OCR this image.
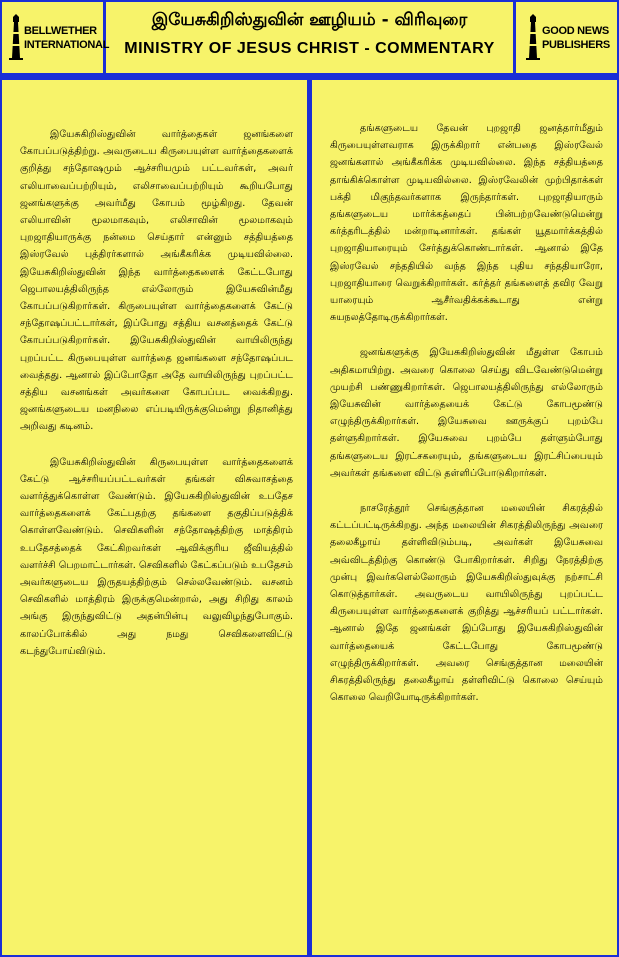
BELLWETHER INTERNATIONAL
இயேசுகிறிஸ்துவின் ஊழியம் - விரிவுரை
MINISTRY OF JESUS CHRIST - COMMENTARY
GOOD NEWS PUBLISHERS

இயேசுகிறிஸ்துவின் வார்த்தைகள் ஜனங்களை கோபப்படுத்திற்று. அவருடைய கிருபையுள்ள வார்த்தைகளைக் குறித்து சந்தோஷமும் ஆச்சரியமும் பட்டவர்கள், அவர் எலியாவைப்பற்றியும், எலிசாவைப்பற்றியும் கூறியபோது ஜனங்களுக்கு அவர்மீது கோபம் மூழ்கிறது. தேவன் எலியாவின் மூலமாகவும், எலிசாவின் மூலமாகவும் புறஜாதியாருக்கு நன்மை செய்தார் என்னும் சத்தியத்தை இஸ்ரவேல் புத்திரர்களால் அங்கீகரிக்க முடியவில்லை. இயேசுகிறிஸ்துவின் இந்த வார்த்தைகளைக் கேட்டபோது ஜெபாலயத்திலிருந்த எல்லோரும் இயேசுவின்மீது கோபப்படுகிறார்கள். கிருபையுள்ள வார்த்தைகளைக் கேட்டு சந்தோஷப்பட்டார்கள், இப்போது சத்திய வசனத்தைக் கேட்டு கோபப்படுகிறார்கள். இயேசுகிறிஸ்துவின் வாயிலிருந்து புறப்பட்ட கிருபையுள்ள வார்த்தை ஜனங்களை சந்தோஷப்பட வைத்தது. ஆனால் இப்போதோ அதே வாயிலிருந்து புறப்பட்ட சத்திய வசனங்கள் அவர்களை கோபப்பட வைக்கிறது. ஜனங்களுடைய மனநிலை எப்படியிருக்குமென்று நிதானித்து அறிவது கடினம்.

இயேசுகிறிஸ்துவின் கிருபையுள்ள வார்த்தைகளைக் கேட்டு ஆச்சரியப்பட்டவர்கள் தங்கள் விசுவாசத்தை வளர்த்துக்கொள்ள வேண்டும். இயேசுகிறிஸ்துவின் உபதேச வார்த்தைகளைக் கேட்பதற்கு தங்களை தகுதிப்படுத்திக் கொள்ளவேண்டும். செவிகளின் சந்தோஷத்திற்கு மாத்திரம் உபதேசத்தைக் கேட்கிறவர்கள் ஆவிக்குரிய ஜீவியத்தில் வளர்ச்சி பெறமாட்டார்கள். செவிகளில் கேட்கப்படும் உபதேசம் அவர்களுடைய இருதயத்திற்கும் செல்லவேண்டும். வசனம் செவிகளில் மாத்திரம் இருக்குமென்றால், அது சிறிது காலம் அங்கு இருந்துவிட்டு அதன்பின்பு வலுவிழந்துபோகும். காலப்போக்கில் அது நமது செவிகளைவிட்டு கடந்துபோய்விடும்.

தங்களுடைய தேவன் புறஜாதி ஜனத்தார்மீதும் கிருபையுள்ளவராக இருக்கிறார் என்பதை இஸ்ரவேல் ஜனங்களால் அங்கீகரிக்க முடியவில்லை. இந்த சத்தியத்தை தாங்கிக்கொள்ள முடியவில்லை. இஸ்ரவேலின் முற்பிதாக்கள் பக்தி மிகுந்தவர்களாக இருந்தார்கள். புறஜாதியாரும் தங்களுடைய மார்க்கத்தைப் பின்பற்றவேண்டுமென்று கர்த்தரிடத்தில் மன்றாடினார்கள். தங்கள் யூதமார்க்கத்தில் புறஜாதியாரையும் சேர்த்துக்கொண்டார்கள். ஆனால் இதே இஸ்ரவேல் சந்ததியில் வந்த இந்த புதிய சந்ததியாரோ, புறஜாதியாரை வெறுக்கிறார்கள். கர்த்தர் தங்களைத் தவிர வேறு யாரையும் ஆசீர்வதிக்கக்கூடாது என்று சுயநலத்தோடிருக்கிறார்கள்.

ஜனங்களுக்கு இயேசுகிறிஸ்துவின் மீதுள்ள கோபம் அதிகமாயிற்று. அவரை கொலை செய்து விடவேண்டுமென்று முயற்சி பண்ணுகிறார்கள். ஜெபாலயத்திலிருந்து எல்லோரும் இயேசுவின் வார்த்தையைக் கேட்டு கோபமூண்டு எழுந்திருக்கிறார்கள். இயேசுவை ஊருக்குப் புறம்பே தள்ளுகிறார்கள். இயேசுவை புறம்பே தள்ளும்போது தங்களுடைய இரட்சகரையும், தங்களுடைய இரட்சிப்பையும் அவர்கள் தங்களை விட்டு தள்ளிப்போடுகிறார்கள்.

நாசரேத்தூர் செங்குத்தான மலையின் சிகரத்தில் கட்டப்பட்டிருக்கிறது. அந்த மலையின் சிகரத்திலிருந்து அவரை தலைகீழாய் தள்ளிவிடும்படி, அவர்கள் இயேசுவை அவ்விடத்திற்கு கொண்டு போகிறார்கள். சிறிது நேரத்திற்கு முன்பு இவர்களெல்லோரும் இயேசுகிறிஸ்துவுக்கு நற்சாட்சி கொடுத்தார்கள். அவருடைய வாயிலிருந்து புறப்பட்ட கிருபையுள்ள வார்த்தைகளைக் குறித்து ஆச்சரியப் பட்டார்கள். ஆனால் இதே ஜனங்கள் இப்போது இயேசுகிறிஸ்துவின் வார்த்தையைக் கேட்டபோது கோபமூண்டு எழுந்திருக்கிறார்கள். அவரை செங்குத்தான மலையின் சிகரத்திலிருந்து தலைகீழாய் தள்ளிவிட்டு கொலை செய்யும் கொலை வெறியோடிருக்கிறார்கள்.
